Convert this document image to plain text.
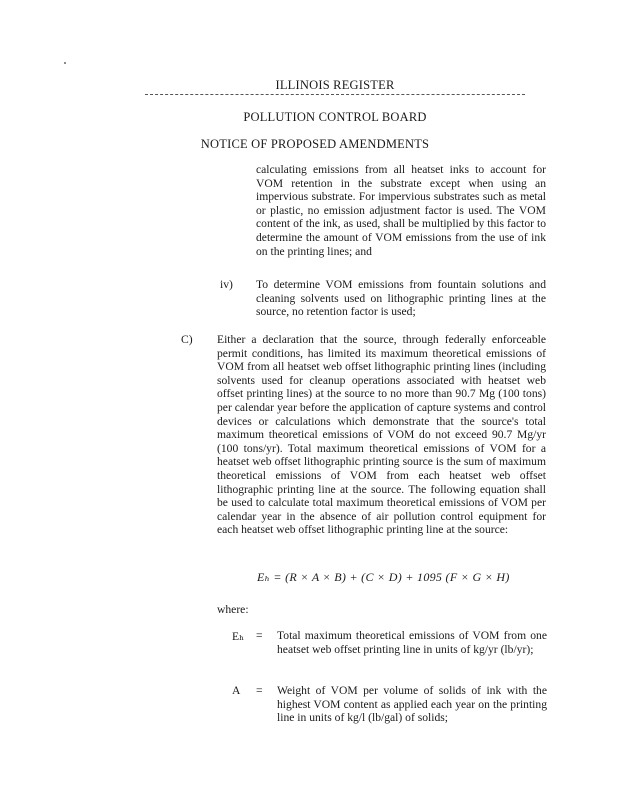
ILLINOIS REGISTER
POLLUTION CONTROL BOARD
NOTICE OF PROPOSED AMENDMENTS
calculating emissions from all heatset inks to account for VOM retention in the substrate except when using an impervious substrate. For impervious substrates such as metal or plastic, no emission adjustment factor is used. The VOM content of the ink, as used, shall be multiplied by this factor to determine the amount of VOM emissions from the use of ink on the printing lines; and
iv) To determine VOM emissions from fountain solutions and cleaning solvents used on lithographic printing lines at the source, no retention factor is used;
C) Either a declaration that the source, through federally enforceable permit conditions, has limited its maximum theoretical emissions of VOM from all heatset web offset lithographic printing lines (including solvents used for cleanup operations associated with heatset web offset printing lines) at the source to no more than 90.7 Mg (100 tons) per calendar year before the application of capture systems and control devices or calculations which demonstrate that the source's total maximum theoretical emissions of VOM do not exceed 90.7 Mg/yr (100 tons/yr). Total maximum theoretical emissions of VOM for a heatset web offset lithographic printing source is the sum of maximum theoretical emissions of VOM from each heatset web offset lithographic printing line at the source. The following equation shall be used to calculate total maximum theoretical emissions of VOM per calendar year in the absence of air pollution control equipment for each heatset web offset lithographic printing line at the source:
Eₕ = (R × A × B) + (C × D) + 1095 (F × G × H)
where:
Eₕ = Total maximum theoretical emissions of VOM from one heatset web offset printing line in units of kg/yr (lb/yr);
A = Weight of VOM per volume of solids of ink with the highest VOM content as applied each year on the printing line in units of kg/l (lb/gal) of solids;
